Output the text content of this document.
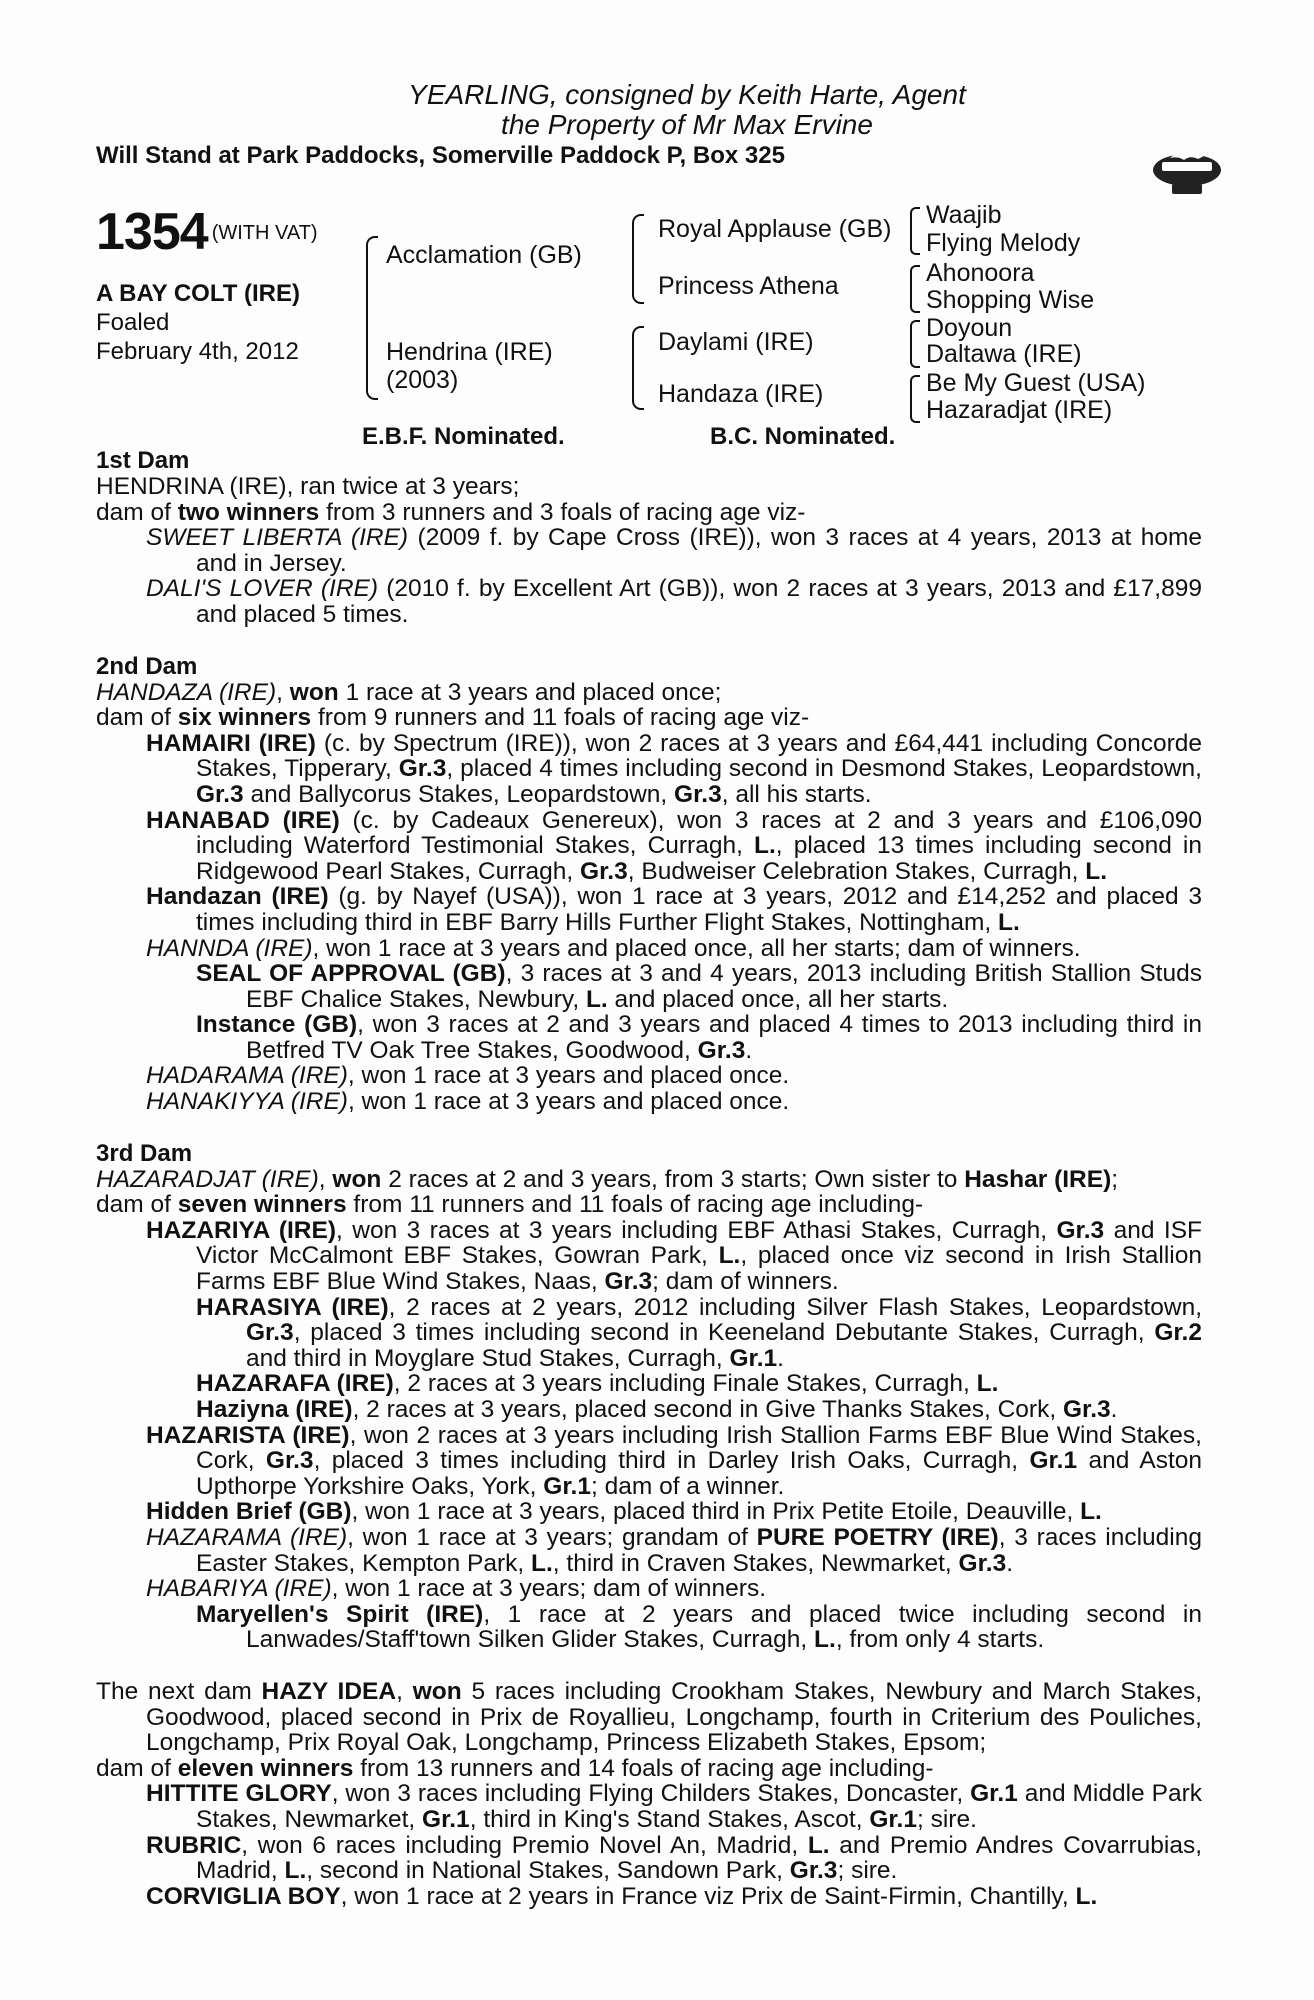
YEARLING, consigned by Keith Harte, Agent
the Property of Mr Max Ervine
Will Stand at Park Paddocks, Somerville Paddock P, Box 325
1354 $^{(WITH VAT)}$
A BAY COLT (IRE)
Foaled
February 4th, 2012
Acclamation (GB)
Hendrina (IRE)
(2003)
Royal Applause (GB)
Princess Athena
Daylami (IRE)
Handaza (IRE)
Waajib
Flying Melody
Ahonoora
Shopping Wise
Doyoun
Daltawa (IRE)
Be My Guest (USA)
Hazaradjat (IRE)
E.B.F. Nominated.	B.C. Nominated.
1st Dam
HENDRINA (IRE), ran twice at 3 years;
dam of two winners from 3 runners and 3 foals of racing age viz-
SWEET LIBERTA (IRE) (2009 f. by Cape Cross (IRE)), won 3 races at 4 years, 2013 at home and in Jersey.
DALI'S LOVER (IRE) (2010 f. by Excellent Art (GB)), won 2 races at 3 years, 2013 and £17,899 and placed 5 times.
2nd Dam
HANDAZA (IRE), won 1 race at 3 years and placed once;
dam of six winners from 9 runners and 11 foals of racing age viz-
HAMAIRI (IRE) (c. by Spectrum (IRE)), won 2 races at 3 years and £64,441 including Concorde Stakes, Tipperary, Gr.3, placed 4 times including second in Desmond Stakes, Leopardstown, Gr.3 and Ballycorus Stakes, Leopardstown, Gr.3, all his starts.
HANABAD (IRE) (c. by Cadeaux Genereux), won 3 races at 2 and 3 years and £106,090 including Waterford Testimonial Stakes, Curragh, L., placed 13 times including second in Ridgewood Pearl Stakes, Curragh, Gr.3, Budweiser Celebration Stakes, Curragh, L.
Handazan (IRE) (g. by Nayef (USA)), won 1 race at 3 years, 2012 and £14,252 and placed 3 times including third in EBF Barry Hills Further Flight Stakes, Nottingham, L.
HANNDA (IRE), won 1 race at 3 years and placed once, all her starts; dam of winners.
SEAL OF APPROVAL (GB), 3 races at 3 and 4 years, 2013 including British Stallion Studs EBF Chalice Stakes, Newbury, L. and placed once, all her starts.
Instance (GB), won 3 races at 2 and 3 years and placed 4 times to 2013 including third in Betfred TV Oak Tree Stakes, Goodwood, Gr.3.
HADARAMA (IRE), won 1 race at 3 years and placed once.
HANAKIYYA (IRE), won 1 race at 3 years and placed once.
3rd Dam
HAZARADJAT (IRE), won 2 races at 2 and 3 years, from 3 starts; Own sister to Hashar (IRE);
dam of seven winners from 11 runners and 11 foals of racing age including-
HAZARIYA (IRE), won 3 races at 3 years including EBF Athasi Stakes, Curragh, Gr.3 and ISF Victor McCalmont EBF Stakes, Gowran Park, L., placed once viz second in Irish Stallion Farms EBF Blue Wind Stakes, Naas, Gr.3; dam of winners.
HARASIYA (IRE), 2 races at 2 years, 2012 including Silver Flash Stakes, Leopardstown, Gr.3, placed 3 times including second in Keeneland Debutante Stakes, Curragh, Gr.2 and third in Moyglare Stud Stakes, Curragh, Gr.1.
HAZARAFA (IRE), 2 races at 3 years including Finale Stakes, Curragh, L.
Haziyna (IRE), 2 races at 3 years, placed second in Give Thanks Stakes, Cork, Gr.3.
HAZARISTA (IRE), won 2 races at 3 years including Irish Stallion Farms EBF Blue Wind Stakes, Cork, Gr.3, placed 3 times including third in Darley Irish Oaks, Curragh, Gr.1 and Aston Upthorpe Yorkshire Oaks, York, Gr.1; dam of a winner.
Hidden Brief (GB), won 1 race at 3 years, placed third in Prix Petite Etoile, Deauville, L.
HAZARAMA (IRE), won 1 race at 3 years; grandam of PURE POETRY (IRE), 3 races including Easter Stakes, Kempton Park, L., third in Craven Stakes, Newmarket, Gr.3.
HABARIYA (IRE), won 1 race at 3 years; dam of winners.
Maryellen's Spirit (IRE), 1 race at 2 years and placed twice including second in Lanwades/Staff'town Silken Glider Stakes, Curragh, L., from only 4 starts.
The next dam HAZY IDEA, won 5 races including Crookham Stakes, Newbury and March Stakes, Goodwood, placed second in Prix de Royallieu, Longchamp, fourth in Criterium des Pouliches, Longchamp, Prix Royal Oak, Longchamp, Princess Elizabeth Stakes, Epsom;
dam of eleven winners from 13 runners and 14 foals of racing age including-
HITTITE GLORY, won 3 races including Flying Childers Stakes, Doncaster, Gr.1 and Middle Park Stakes, Newmarket, Gr.1, third in King's Stand Stakes, Ascot, Gr.1; sire.
RUBRIC, won 6 races including Premio Novel An, Madrid, L. and Premio Andres Covarrubias, Madrid, L., second in National Stakes, Sandown Park, Gr.3; sire.
CORVIGLIA BOY, won 1 race at 2 years in France viz Prix de Saint-Firmin, Chantilly, L.
